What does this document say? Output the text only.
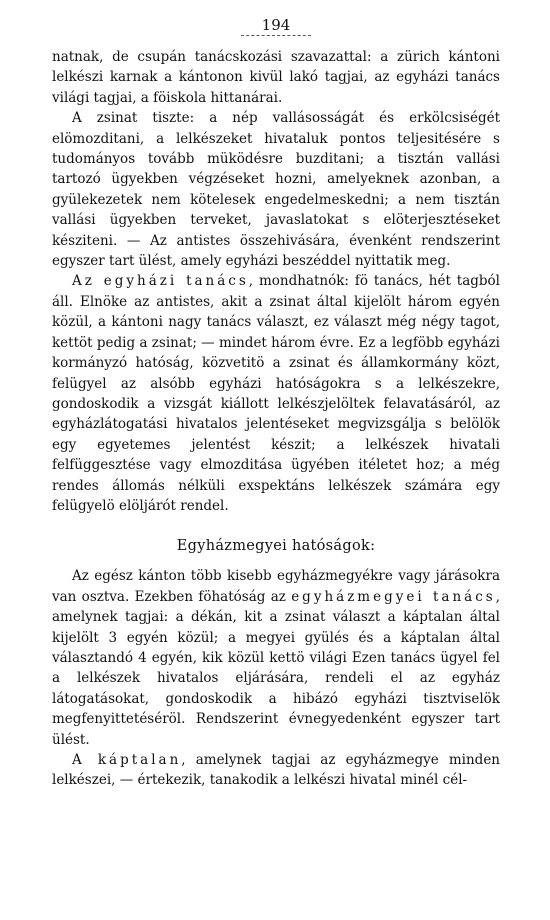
194

natnak, de csupán tanácskozási szavazattal: a zürich kántoni lelkészi karnak a kántonon kivül lakó tagjai, az egyházi tanács világi tagjai, a föiskola hittanárai.

A zsinat tiszte: a nép vallásosságát és erkölcsiségét elömozditani, a lelkészeket hivataluk pontos teljesitésére s tudományos tovább müködésre buzditani; a tisztán vallási tartozó ügyekben végzéseket hozni, amelyeknek azonban, a gyülekezetek nem kötelesek engedelmeskedni; a nem tisztán vallási ügyekben terveket, javaslatokat s elöterjesztéseket késziteni. — Az antistes összehivására, évenként rendszerint egyszer tart ülést, amely egyházi beszéddel nyittatik meg.

Az egyházi tanács, mondhatnók: fö tanács, hét tagból áll. Elnöke az antistes, akit a zsinat által kijelölt három egyén közül, a kántoni nagy tanács választ, ez választ még négy tagot, kettöt pedig a zsinat; — mindet három évre. Ez a legföbb egyházi kormányzó hatóság, közvetitö a zsinat és államkormány közt, felügyel az alsóbb egyházi hatóságokra s a lelkészekre, gondoskodik a vizsgát kiállott lelkészjelöltek felavatásáról, az egyházlátogatási hivatalos jelentéseket megvizsgálja s belölök egy egyetemes jelentést készit; a lelkészek hivatali felfüggesztése vagy elmozditása ügyében itéletet hoz; a még rendes állomás nélküli exspektáns lelkészek számára egy felügyelö elöljárót rendel.

Egyházmegyei hatóságok:

Az egész kánton több kisebb egyházmegyékre vagy járásokra van osztva. Ezekben föhatóság az egyházmegyei tanács, amelynek tagjai: a dékán, kit a zsinat választ a káptalan által kijelölt 3 egyén közül; a megyei gyülés és a káptalan által választandó 4 egyén, kik közül kettö világi Ezen tanács ügyel fel a lelkészek hivatalos eljárására, rendeli el az egyház látogatásokat, gondoskodik a hibázó egyházi tisztviselök megfenyittetéséröl. Rendszerint évnegyedenként egyszer tart ülést.

A káptalan, amelynek tagjai az egyházmegye minden lelkészei, — értekezik, tanakodik a lelkészi hivatal minél cél-
